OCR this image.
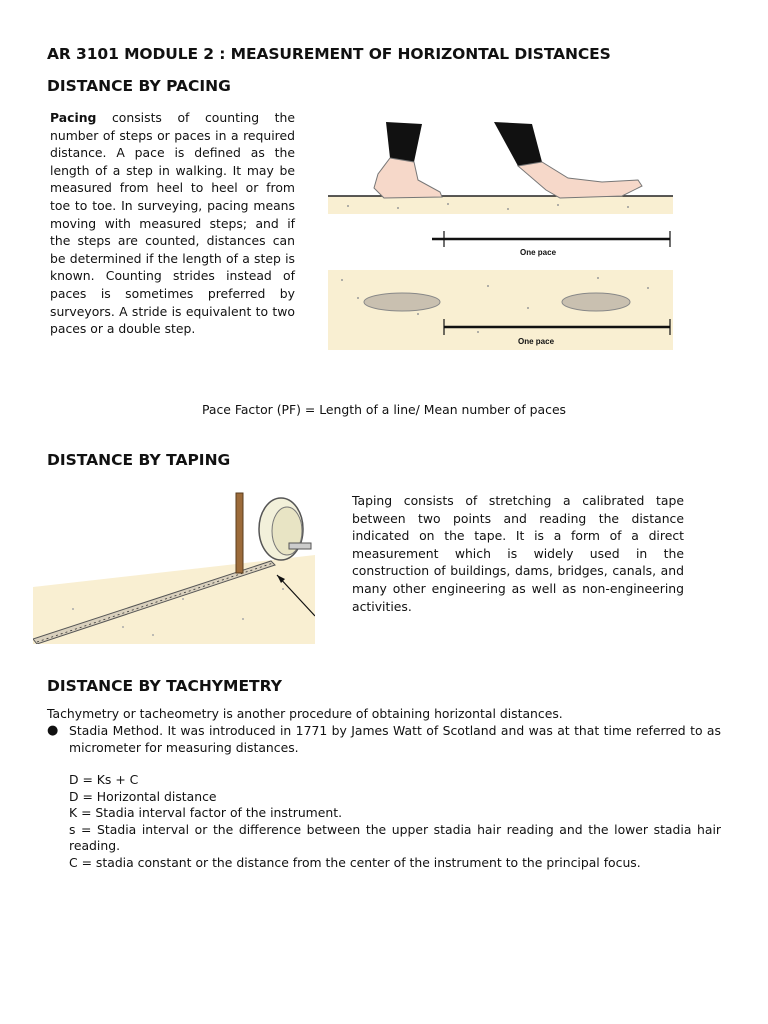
AR 3101 MODULE 2 : MEASUREMENT OF HORIZONTAL DISTANCES
DISTANCE BY PACING

Pacing consists of counting the number of steps or paces in a required distance. A pace is defined as the length of a step in walking. It may be measured from heel to heel or from toe to toe. In surveying, pacing means moving with measured steps; and if the steps are counted, distances can be determined if the length of a step is known. Counting strides instead of paces is sometimes preferred by surveyors. A stride is equivalent to two paces or a double step.

One pace
One pace
Pace Factor (PF) = Length of a line/ Mean number of paces
DISTANCE BY TAPING

Taping consists of stretching a calibrated tape between two points and reading the distance indicated on the tape. It is a form of a direct measurement which is widely used in the construction of buildings, dams, bridges, canals, and many other engineering as well as non-engineering activities.

DISTANCE BY TACHYMETRY

Tachymetry or tacheometry is another procedure of obtaining horizontal distances.

● Stadia Method. It was introduced in 1771 by James Watt of Scotland and was at that time referred to as micrometer for measuring distances.

D = Ks + C

D = Horizontal distance

K = Stadia interval factor of the instrument.

s = Stadia interval or the difference between the upper stadia hair reading and the lower stadia hair reading.

C = stadia constant or the distance from the center of the instrument to the principal focus.
